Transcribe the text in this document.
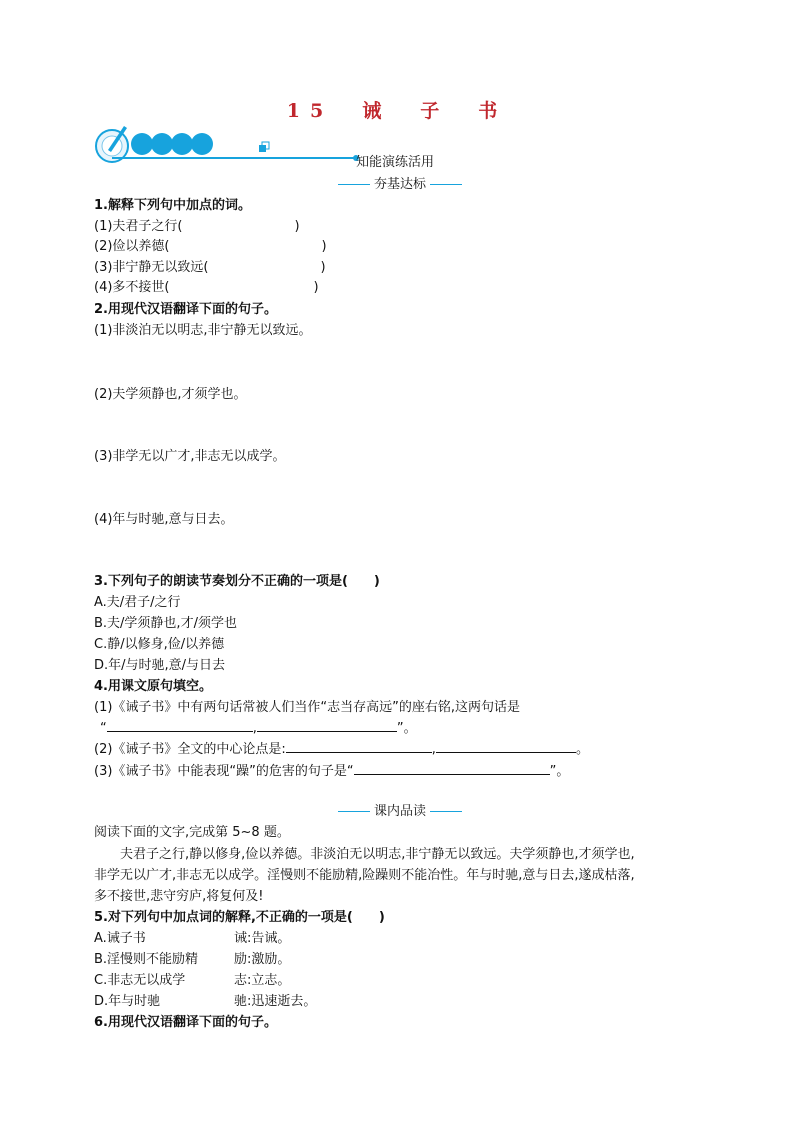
15　诫　子　书
知能演练活用
夯基达标
1.解释下列句中加点的词。
(1)夫君子之行(	)
(2)俭以养德(	)
(3)非宁静无以致远(	)
(4)多不接世(	)
2.用现代汉语翻译下面的句子。
(1)非淡泊无以明志,非宁静无以致远。
(2)夫学须静也,才须学也。
(3)非学无以广才,非志无以成学。
(4)年与时驰,意与日去。
3.下列句子的朗读节奏划分不正确的一项是(　　)
A.夫/君子/之行
B.夫/学须静也,才/须学也
C.静/以修身,俭/以养德
D.年/与时驰,意/与日去
4.用课文原句填空。
(1)《诫子书》中有两句话常被人们当作“志当存高远”的座右铭,这两句话是
“	,	”。
(2)《诫子书》全文的中心论点是:	,	。
(3)《诫子书》中能表现“躁”的危害的句子是“	”。
课内品读
阅读下面的文字,完成第 5~8 题。
夫君子之行,静以修身,俭以养德。非淡泊无以明志,非宁静无以致远。夫学须静也,才须学也,
非学无以广才,非志无以成学。淫慢则不能励精,险躁则不能冶性。年与时驰,意与日去,遂成枯落,
多不接世,悲守穷庐,将复何及!
5.对下列句中加点词的解释,不正确的一项是(　　)
A.诫子书	诫:告诫。
B.淫慢则不能励精	励:激励。
C.非志无以成学	志:立志。
D.年与时驰	驰:迅速逝去。
6.用现代汉语翻译下面的句子。
